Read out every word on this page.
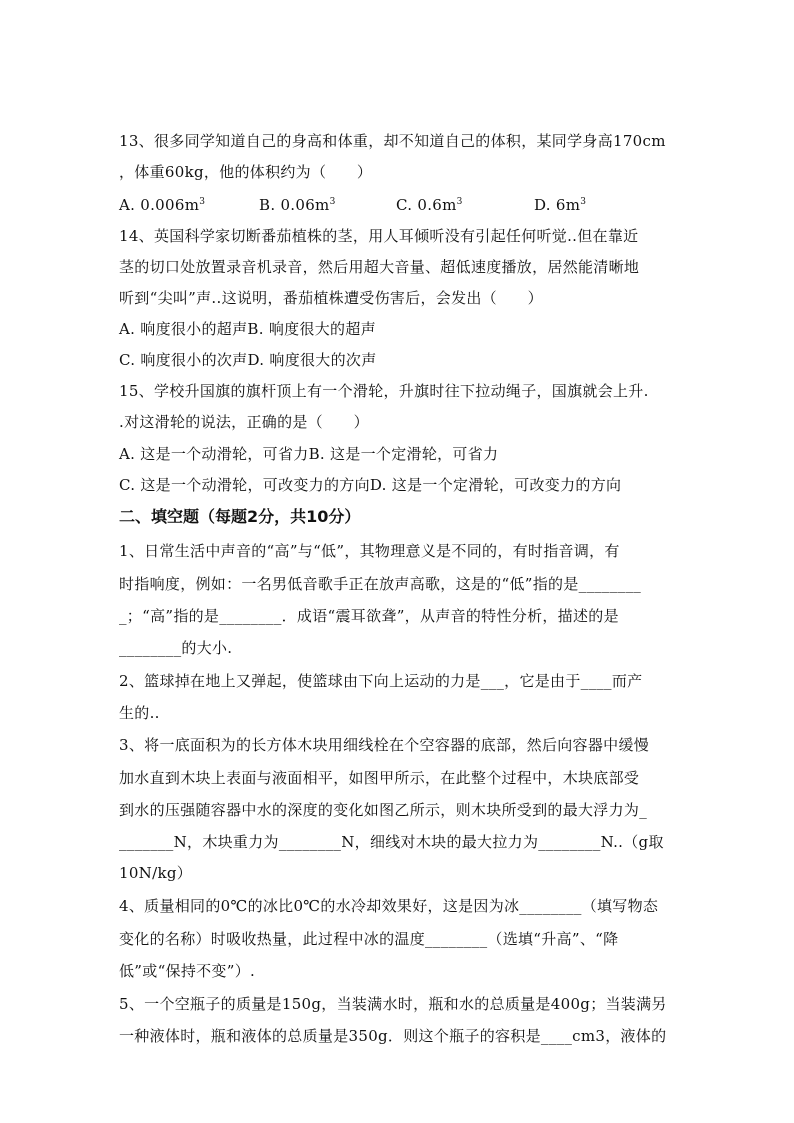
13、很多同学知道自己的身高和体重，却不知道自己的体积，某同学身高170cm
，体重60kg，他的体积约为（　　）
A. $0.006m^3$	B. $0.06m^3$	C. $0.6m^3$	D. $6m^3$
14、英国科学家切断番茄植株的茎，用人耳倾听没有引起任何听觉..但在靠近
茎的切口处放置录音机录音，然后用超大音量、超低速度播放，居然能清晰地
听到“尖叫”声..这说明，番茄植株遭受伤害后，会发出（　　）
A. 响度很小的超声B. 响度很大的超声
C. 响度很小的次声D. 响度很大的次声
15、学校升国旗的旗杆顶上有一个滑轮，升旗时往下拉动绳子，国旗就会上升.
.对这滑轮的说法，正确的是（　　）
A. 这是一个动滑轮，可省力B. 这是一个定滑轮，可省力
C. 这是一个动滑轮，可改变力的方向D. 这是一个定滑轮，可改变力的方向
二、填空题（每题2分，共10分）
1、日常生活中声音的“高”与“低”，其物理意义是不同的，有时指音调，有
时指响度，例如：一名男低音歌手正在放声高歌，这是的“低”指的是________
_；“高”指的是________．成语“震耳欲聋”，从声音的特性分析，描述的是
________的大小.
2、篮球掉在地上又弹起，使篮球由下向上运动的力是___，它是由于____而产
生的..
3、将一底面积为的长方体木块用细线栓在个空容器的底部，然后向容器中缓慢
加水直到木块上表面与液面相平，如图甲所示，在此整个过程中，木块底部受
到水的压强随容器中水的深度的变化如图乙所示，则木块所受到的最大浮力为_
_______N，木块重力为________N，细线对木块的最大拉力为________N..（g取
10N/kg）
4、质量相同的0℃的冰比0℃的水冷却效果好，这是因为冰________（填写物态
变化的名称）时吸收热量，此过程中冰的温度________（选填“升高”、“降
低”或“保持不变”）.
5、一个空瓶子的质量是150g，当装满水时，瓶和水的总质量是400g；当装满另
一种液体时，瓶和液体的总质量是350g．则这个瓶子的容积是____cm3，液体的
